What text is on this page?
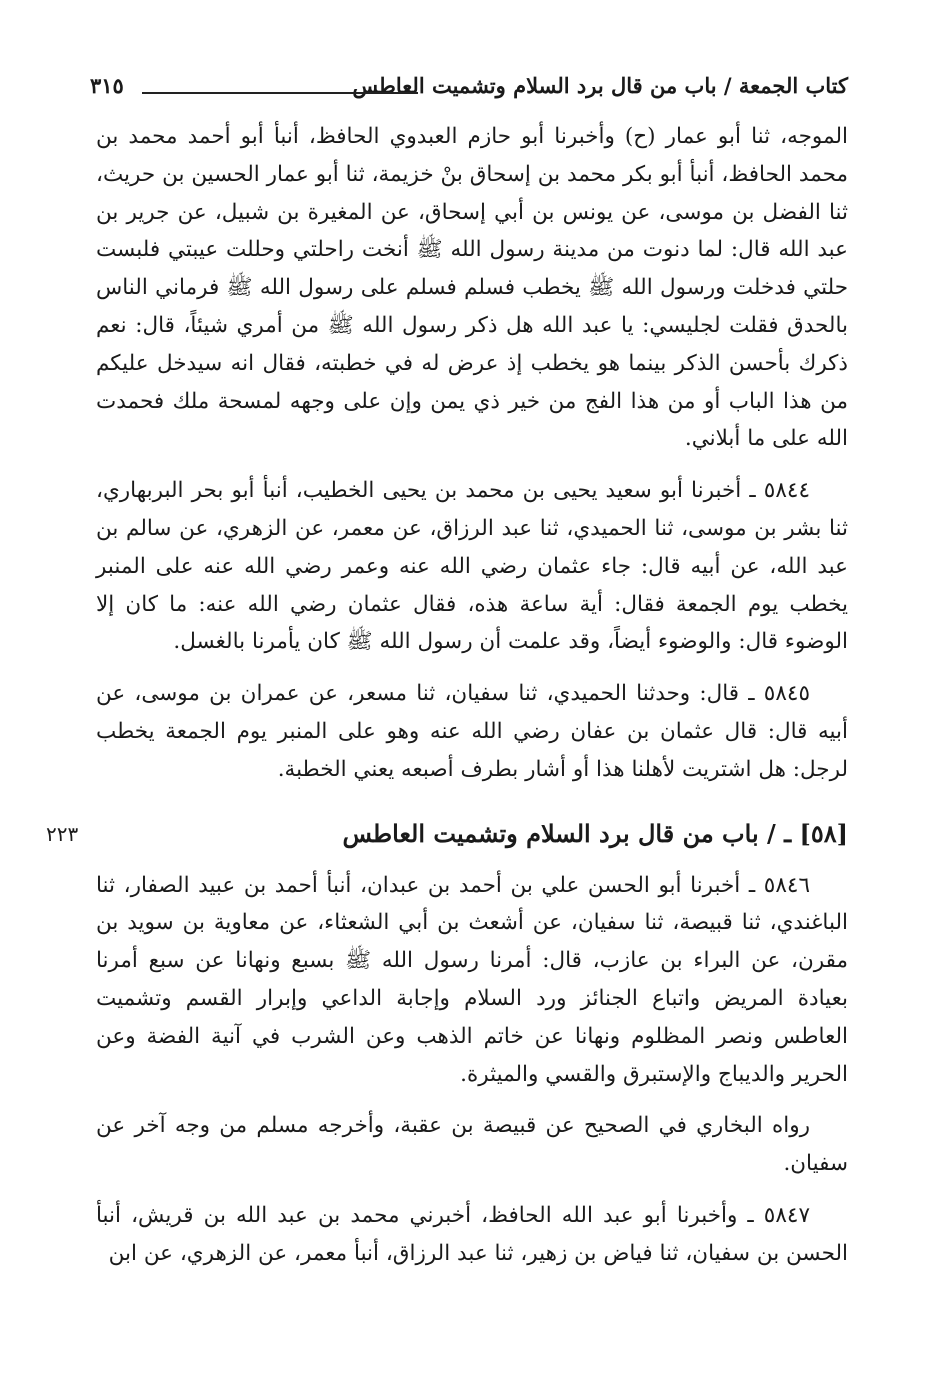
كتاب الجمعة / باب من قال برد السلام وتشميت العاطس
٣١٥

الموجه، ثنا أبو عمار (ح) وأخبرنا أبو حازم العبدوي الحافظ، أنبأ أبو أحمد محمد بن محمد الحافظ، أنبأ أبو بكر محمد بن إسحاق بنْ خزيمة، ثنا أبو عمار الحسين بن حريث، ثنا الفضل بن موسى، عن يونس بن أبي إسحاق، عن المغيرة بن شبيل، عن جرير بن عبد الله قال: لما دنوت من مدينة رسول الله ﷺ أنخت راحلتي وحللت عيبتي فلبست حلتي فدخلت ورسول الله ﷺ يخطب فسلم فسلم على رسول الله ﷺ فرماني الناس بالحدق فقلت لجليسي: يا عبد الله هل ذكر رسول الله ﷺ من أمري شيئاً، قال: نعم ذكرك بأحسن الذكر بينما هو يخطب إذ عرض له في خطبته، فقال انه سيدخل عليكم من هذا الباب أو من هذا الفج من خير ذي يمن وإن على وجهه لمسحة ملك فحمدت الله على ما أبلاني.

٥٨٤٤ ـ أخبرنا أبو سعيد يحيى بن محمد بن يحيى الخطيب، أنبأ أبو بحر البربهاري، ثنا بشر بن موسى، ثنا الحميدي، ثنا عبد الرزاق، عن معمر، عن الزهري، عن سالم بن عبد الله، عن أبيه قال: جاء عثمان رضي الله عنه وعمر رضي الله عنه على المنبر يخطب يوم الجمعة فقال: أية ساعة هذه، فقال عثمان رضي الله عنه: ما كان إلا الوضوء قال: والوضوء أيضاً، وقد علمت أن رسول الله ﷺ كان يأمرنا بالغسل.

٥٨٤٥ ـ قال: وحدثنا الحميدي، ثنا سفيان، ثنا مسعر، عن عمران بن موسى، عن أبيه قال: قال عثمان بن عفان رضي الله عنه وهو على المنبر يوم الجمعة يخطب لرجل: هل اشتريت لأهلنا هذا أو أشار بطرف أصبعه يعني الخطبة.

[٥٨] ـ / باب من قال برد السلام وتشميت العاطس
٢٢٣

٥٨٤٦ ـ أخبرنا أبو الحسن علي بن أحمد بن عبدان، أنبأ أحمد بن عبيد الصفار، ثنا الباغندي، ثنا قبيصة، ثنا سفيان، عن أشعث بن أبي الشعثاء، عن معاوية بن سويد بن مقرن، عن البراء بن عازب، قال: أمرنا رسول الله ﷺ بسبع ونهانا عن سبع أمرنا بعيادة المريض واتباع الجنائز ورد السلام وإجابة الداعي وإبرار القسم وتشميت العاطس ونصر المظلوم ونهانا عن خاتم الذهب وعن الشرب في آنية الفضة وعن الحرير والديباج والإستبرق والقسي والميثرة.

رواه البخاري في الصحيح عن قبيصة بن عقبة، وأخرجه مسلم من وجه آخر عن سفيان.

٥٨٤٧ ـ وأخبرنا أبو عبد الله الحافظ، أخبرني محمد بن عبد الله بن قريش، أنبأ الحسن بن سفيان، ثنا فياض بن زهير، ثنا عبد الرزاق، أنبأ معمر، عن الزهري، عن ابن
